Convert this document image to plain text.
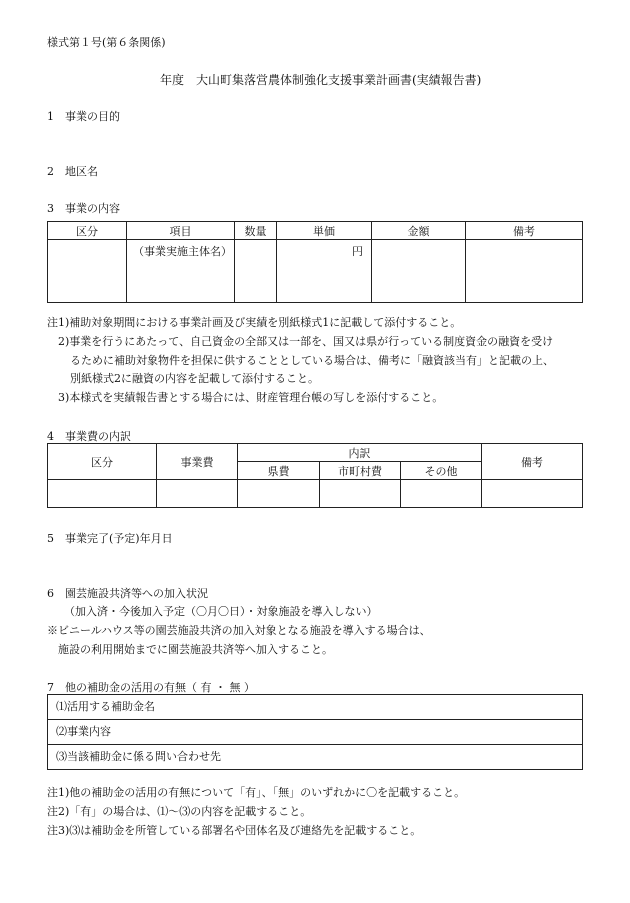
様式第１号(第６条関係)
年度　大山町集落営農体制強化支援事業計画書(実績報告書)
1　事業の目的
2　地区名
3　事業の内容
区分	項目	数量	単価	金額	備考
	（事業実施主体名）		円		
注1)補助対象期間における事業計画及び実績を別紙様式1に記載して添付すること。
2)事業を行うにあたって、自己資金の全部又は一部を、国又は県が行っている制度資金の融資を受け
るために補助対象物件を担保に供することとしている場合は、備考に「融資該当有」と記載の上、
別紙様式2に融資の内容を記載して添付すること。
3)本様式を実績報告書とする場合には、財産管理台帳の写しを添付すること。
4　事業費の内訳
区分	事業費	内訳			備考
		県費	市町村費	その他	

5　事業完了(予定)年月日
6　園芸施設共済等への加入状況
（加入済・今後加入予定（〇月〇日）・対象施設を導入しない）
※ビニールハウス等の園芸施設共済の加入対象となる施設を導入する場合は、
施設の利用開始までに園芸施設共済等へ加入すること。
7　他の補助金の活用の有無（ 有 ・ 無 ）
⑴活用する補助金名
⑵事業内容
⑶当該補助金に係る問い合わせ先
注1)他の補助金の活用の有無について「有」、「無」のいずれかに〇を記載すること。
注2)「有」の場合は、⑴～⑶の内容を記載すること。
注3)⑶は補助金を所管している部署名や団体名及び連絡先を記載すること。
